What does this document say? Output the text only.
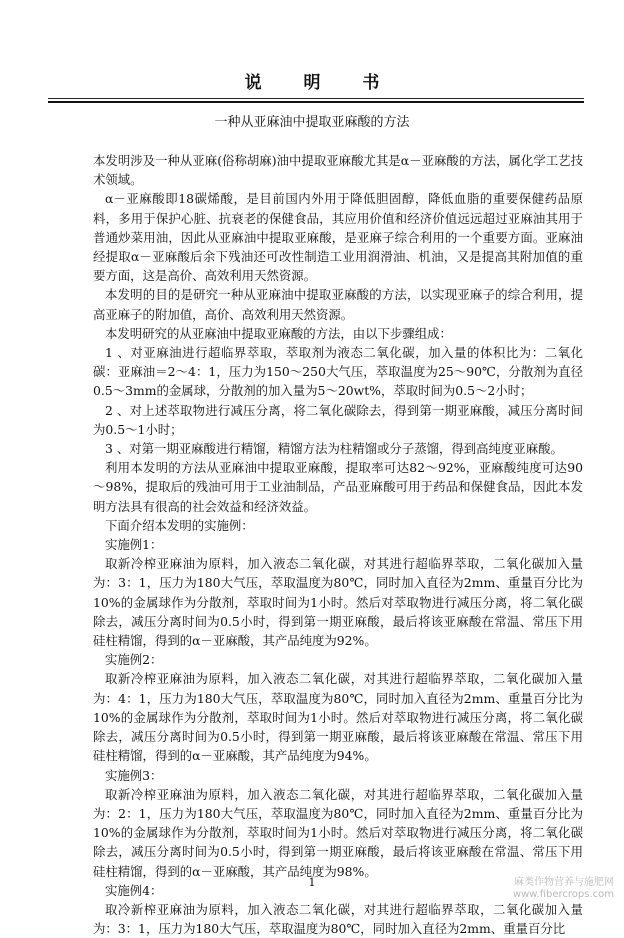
说 明 书
一种从亚麻油中提取亚麻酸的方法

本发明涉及一种从亚麻(俗称胡麻)油中提取亚麻酸尤其是α－亚麻酸的方法，属化学工艺技术领域。

α－亚麻酸即18碳烯酸，是目前国内外用于降低胆固醇，降低血脂的重要保健药品原料，多用于保护心脏、抗衰老的保健食品，其应用价值和经济价值远远超过亚麻油其用于普通炒菜用油，因此从亚麻油中提取亚麻酸，是亚麻子综合利用的一个重要方面。亚麻油经提取α－亚麻酸后余下残油还可改性制造工业用润滑油、机油，又是提高其附加值的重要方面，这是高价、高效利用天然资源。

本发明的目的是研究一种从亚麻油中提取亚麻酸的方法，以实现亚麻子的综合利用，提高亚麻子的附加值，高价、高效利用天然资源。

本发明研究的从亚麻油中提取亚麻酸的方法，由以下步骤组成：

1 、对亚麻油进行超临界萃取，萃取剂为液态二氧化碳，加入量的体积比为：二氧化碳：亚麻油＝2～4：1，压力为150～250大气压，萃取温度为25～90℃，分散剂为直径0.5～3mm的金属球，分散剂的加入量为5～20wt%，萃取时间为0.5～2小时；

2 、对上述萃取物进行减压分离，将二氧化碳除去，得到第一期亚麻酸，减压分离时间为0.5～1小时；

3 、对第一期亚麻酸进行精馏，精馏方法为柱精馏或分子蒸馏，得到高纯度亚麻酸。

利用本发明的方法从亚麻油中提取亚麻酸，提取率可达82～92%，亚麻酸纯度可达90～98%，提取后的残油可用于工业油制品，产品亚麻酸可用于药品和保健食品，因此本发明方法具有很高的社会效益和经济效益。

下面介绍本发明的实施例：

实施例1：

取新冷榨亚麻油为原料，加入液态二氧化碳，对其进行超临界萃取，二氧化碳加入量为：3：1，压力为180大气压，萃取温度为80℃，同时加入直径为2mm、重量百分比为10%的金属球作为分散剂，萃取时间为1小时。然后对萃取物进行减压分离，将二氧化碳除去，减压分离时间为0.5小时，得到第一期亚麻酸，最后将该亚麻酸在常温、常压下用硅柱精馏，得到的α－亚麻酸，其产品纯度为92%。

实施例2：

取新冷榨亚麻油为原料，加入液态二氧化碳，对其进行超临界萃取，二氧化碳加入量为：4：1，压力为180大气压，萃取温度为80℃，同时加入直径为2mm、重量百分比为10%的金属球作为分散剂，萃取时间为1小时。然后对萃取物进行减压分离，将二氧化碳除去，减压分离时间为0.5小时，得到第一期亚麻酸，最后将该亚麻酸在常温、常压下用硅柱精馏，得到的α－亚麻酸，其产品纯度为94%。

实施例3：

取新冷榨亚麻油为原料，加入液态二氧化碳，对其进行超临界萃取，二氧化碳加入量为：2：1，压力为180大气压，萃取温度为80℃，同时加入直径为2mm、重量百分比为10%的金属球作为分散剂，萃取时间为1小时。然后对萃取物进行减压分离，将二氧化碳除去，减压分离时间为0.5小时，得到第一期亚麻酸，最后将该亚麻酸在常温、常压下用硅柱精馏，得到的α－亚麻酸，其产品纯度为98%。

实施例4：

取冷新榨亚麻油为原料，加入液态二氧化碳，对其进行超临界萃取，二氧化碳加入量为：3：1，压力为180大气压，萃取温度为80℃，同时加入直径为2mm、重量百分比

1	麻类作物营养与施肥网
www.fibercrops.com
